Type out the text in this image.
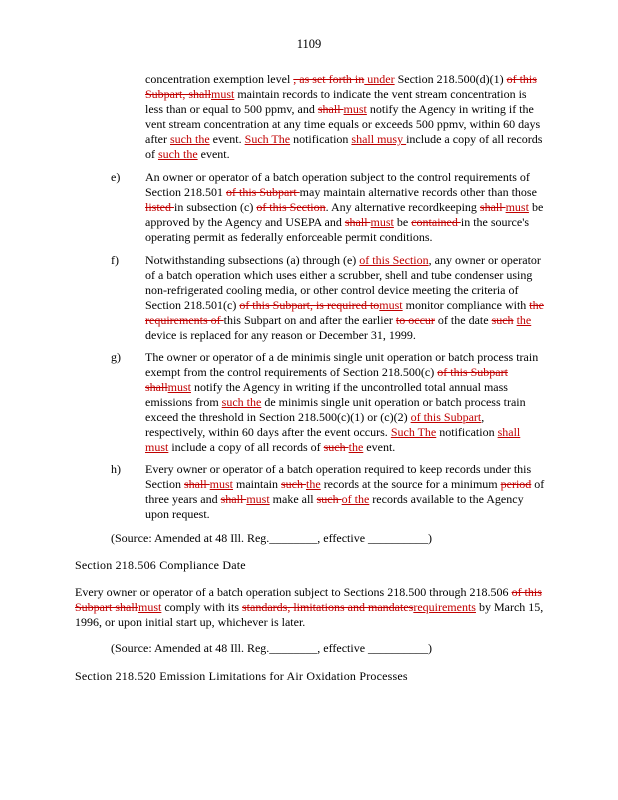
1109
concentration exemption level , as set forth in under Section 218.500(d)(1) of this Subpart, shallmust maintain records to indicate the vent stream concentration is less than or equal to 500 ppmv, and shall must notify the Agency in writing if the vent stream concentration at any time equals or exceeds 500 ppmv, within 60 days after such the event. Such The notification shall musy include a copy of all records of such the event.
e) An owner or operator of a batch operation subject to the control requirements of Section 218.501 of this Subpart may maintain alternative records other than those listed in subsection (c) of this Section. Any alternative recordkeeping shall must be approved by the Agency and USEPA and shall must be contained in the source's operating permit as federally enforceable permit conditions.
f) Notwithstanding subsections (a) through (e) of this Section, any owner or operator of a batch operation which uses either a scrubber, shell and tube condenser using non-refrigerated cooling media, or other control device meeting the criteria of Section 218.501(c) of this Subpart, is required tomust monitor compliance with the requirements of this Subpart on and after the earlier to occur of the date such the device is replaced for any reason or December 31, 1999.
g) The owner or operator of a de minimis single unit operation or batch process train exempt from the control requirements of Section 218.500(c) of this Subpart shallmust notify the Agency in writing if the uncontrolled total annual mass emissions from such the de minimis single unit operation or batch process train exceed the threshold in Section 218.500(c)(1) or (c)(2) of this Subpart, respectively, within 60 days after the event occurs. Such The notification shall must include a copy of all records of such the event.
h) Every owner or operator of a batch operation required to keep records under this Section shall must maintain such the records at the source for a minimum period of three years and shall must make all such of the records available to the Agency upon request.
(Source: Amended at 48 Ill. Reg.________, effective __________)
Section 218.506 Compliance Date
Every owner or operator of a batch operation subject to Sections 218.500 through 218.506 of this Subpart shallmust comply with its standards, limitations and mandatesrequirements by March 15, 1996, or upon initial start up, whichever is later.
(Source: Amended at 48 Ill. Reg.________, effective __________)
Section 218.520 Emission Limitations for Air Oxidation Processes
